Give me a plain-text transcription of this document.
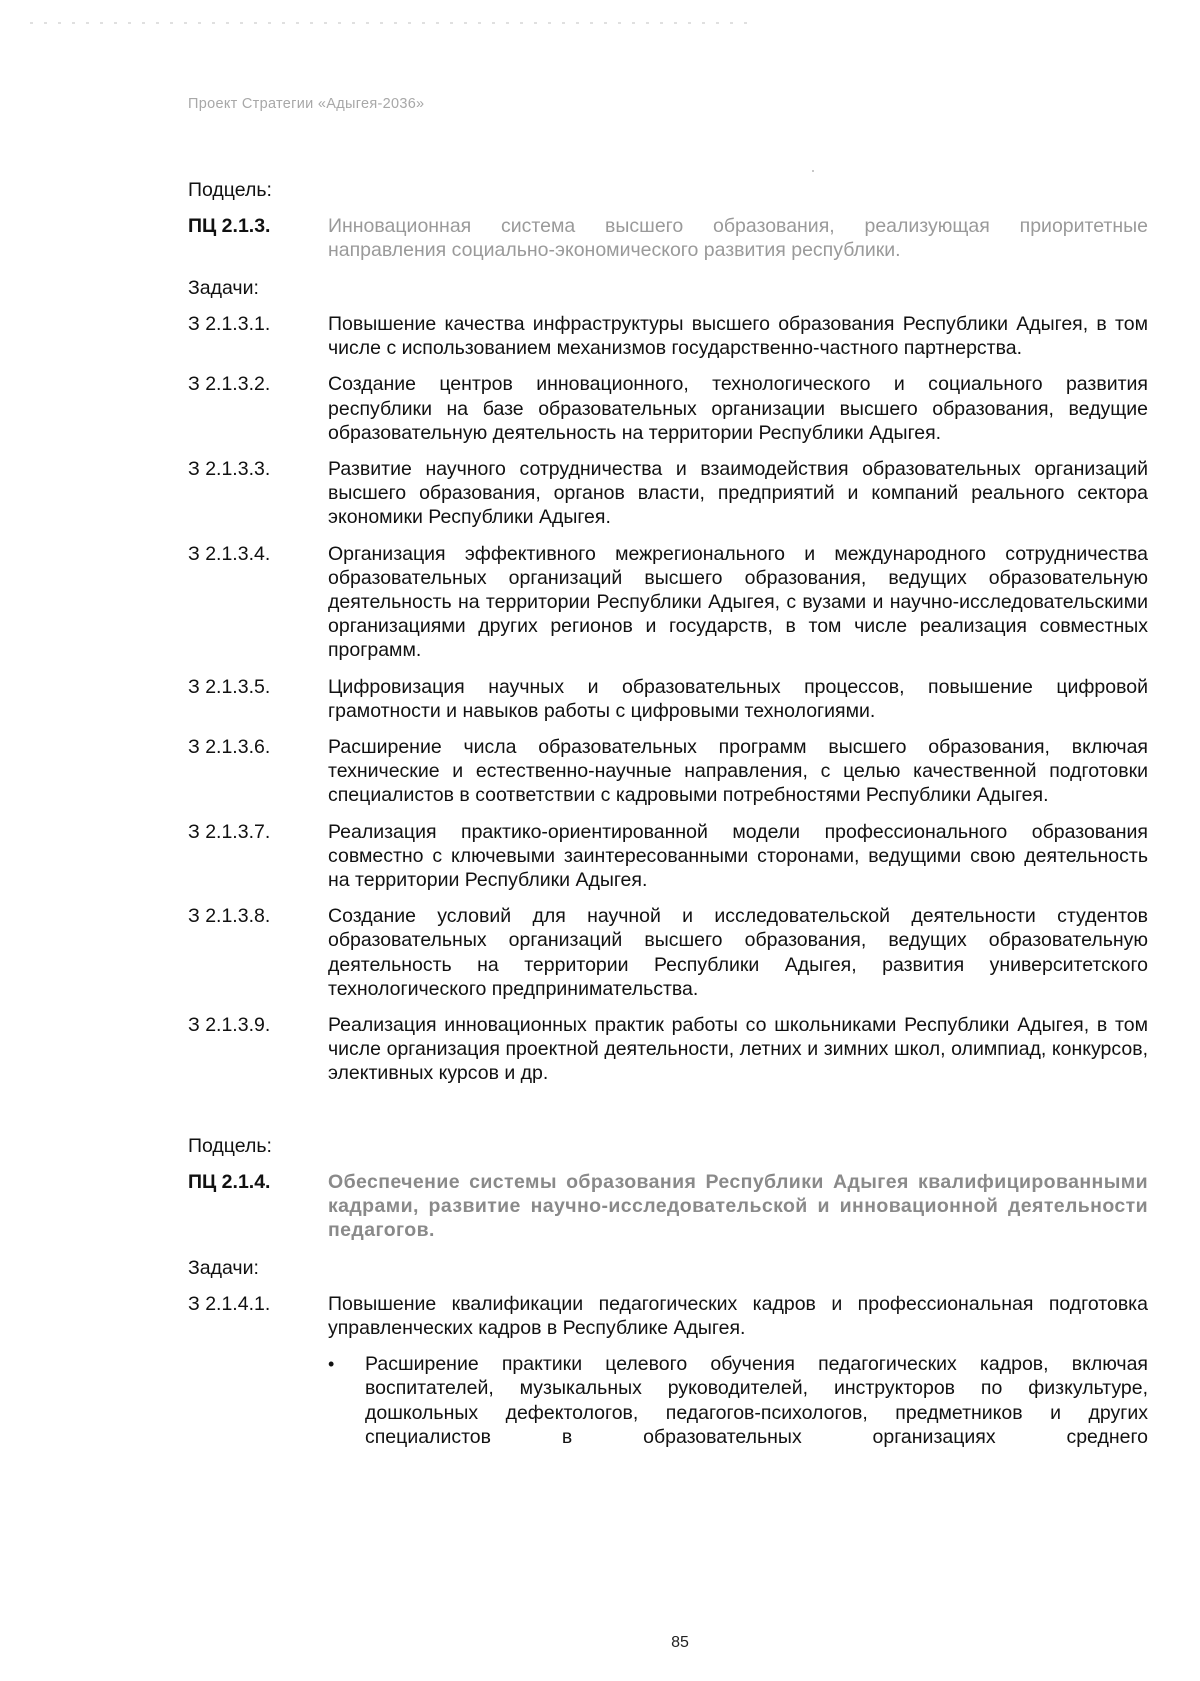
Проект Стратегии «Адыгея-2036»
Подцель:
ПЦ 2.1.3.	Инновационная система высшего образования, реализующая приоритетные направления социально-экономического развития республики.
Задачи:
З 2.1.3.1.	Повышение качества инфраструктуры высшего образования Республики Адыгея, в том числе с использованием механизмов государственно-частного партнерства.
З 2.1.3.2.	Создание центров инновационного, технологического и социального развития республики на базе образовательных организации высшего образования, ведущие образовательную деятельность на территории Республики Адыгея.
З 2.1.3.3.	Развитие научного сотрудничества и взаимодействия образовательных организаций высшего образования, органов власти, предприятий и компаний реального сектора экономики Республики Адыгея.
З 2.1.3.4.	Организация эффективного межрегионального и международного сотрудничества образовательных организаций высшего образования, ведущих образовательную деятельность на территории Республики Адыгея, с вузами и научно-исследовательскими организациями других регионов и государств, в том числе реализация совместных программ.
З 2.1.3.5.	Цифровизация научных и образовательных процессов, повышение цифровой грамотности и навыков работы с цифровыми технологиями.
З 2.1.3.6.	Расширение числа образовательных программ высшего образования, включая технические и естественно-научные направления, с целью качественной подготовки специалистов в соответствии с кадровыми потребностями Республики Адыгея.
З 2.1.3.7.	Реализация практико-ориентированной модели профессионального образования совместно с ключевыми заинтересованными сторонами, ведущими свою деятельность на территории Республики Адыгея.
З 2.1.3.8.	Создание условий для научной и исследовательской деятельности студентов образовательных организаций высшего образования, ведущих образовательную деятельность на территории Республики Адыгея, развития университетского технологического предпринимательства.
З 2.1.3.9.	Реализация инновационных практик работы со школьниками Республики Адыгея, в том числе организация проектной деятельности, летних и зимних школ, олимпиад, конкурсов, элективных курсов и др.
Подцель:
ПЦ 2.1.4.	Обеспечение системы образования Республики Адыгея квалифицированными кадрами, развитие научно-исследовательской и инновационной деятельности педагогов.
Задачи:
З 2.1.4.1.	Повышение квалификации педагогических кадров и профессиональная подготовка управленческих кадров в Республике Адыгея.
•	Расширение практики целевого обучения педагогических кадров, включая воспитателей, музыкальных руководителей, инструкторов по физкультуре, дошкольных дефектологов, педагогов-психологов, предметников и других специалистов в образовательных организациях среднего
85
